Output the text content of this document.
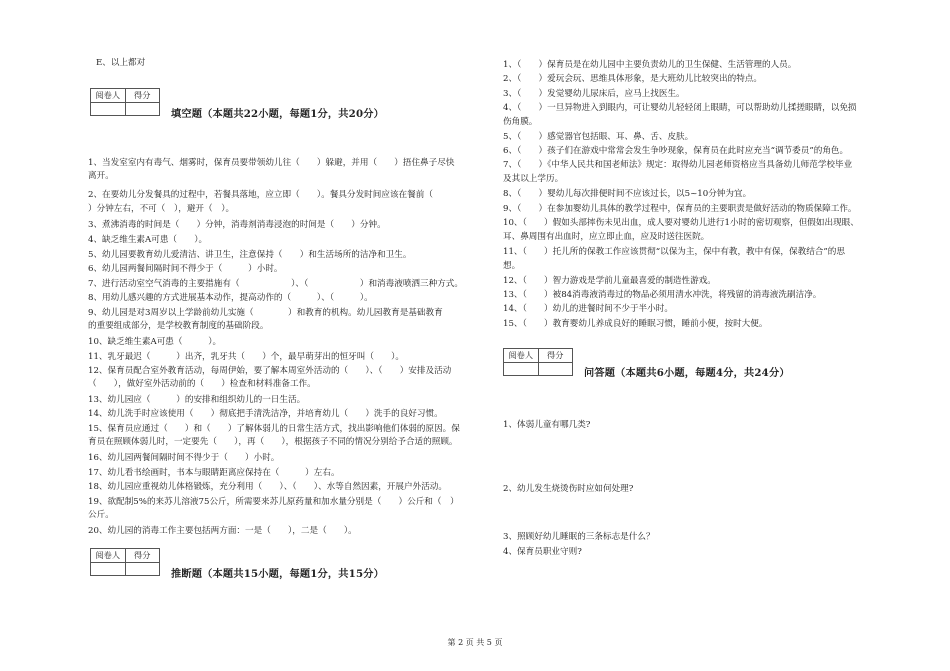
E、以上都对
阅卷人	得分
填空题（本题共22小题，每题1分，共20分）
1、当发室室内有毒气、烟雾时，保育员要带领幼儿往（　　）躲避，并用（　　）捂住鼻子尽快
离开。
2、在要幼儿分发餐具的过程中，若餐具落地，应立即（　　）。餐具分发时间应该在餐前（
）分钟左右，不可（　），避开（　）。
3、煮沸消毒的时间是（　　）分钟，消毒剂消毒浸泡的时间是（　　）分钟。
4、缺乏维生素A可患（　　）。
5、幼儿园要教育幼儿爱清洁、讲卫生，注意保持（　　）和生活场所的洁净和卫生。
6、幼儿园两餐间隔时间不得少于（　　　）小时。
7、进行活动室空气消毒的主要措施有（　　　　　　）、（　　　　　　）和消毒液喷洒三种方式。
8、用幼儿感兴趣的方式进展基本动作，提高动作的（　　　）、（　　　）。
9、幼儿园是对3周岁以上学龄前幼儿实施（　　　　）和教育的机构。幼儿园教育是基础教育
的重要组成部分，是学校教育制度的基础阶段。
10、缺乏维生素A可患（　　　）。
11、乳牙最迟（　　　）出齐，乳牙共（　　）个，最早萌芽出的恒牙叫（　　）。
12、保育员配合室外教育活动，每周伊始，要了解本周室外活动的（　　）、（　　）安排及活动
（　　），做好室外活动前的（　　）检查和材料准备工作。
13、幼儿园应（　　　）的安排和组织幼儿的一日生活。
14、幼儿洗手时应该使用（　　）彻底把手清洗洁净，并培育幼儿（　　）洗手的良好习惯。
15、保育员应通过（　　）和（　　）了解体弱儿的日常生活方式，找出影响他们体弱的原因。保
育员在照顾体弱儿时，一定要先（　　），再（　　），根据孩子不同的情况分别给予合适的照顾。
16、幼儿园两餐间隔时间不得少于（　　）小时。
17、幼儿看书绘画时，书本与眼睛距离应保持在（　　　）左右。
18、幼儿园应重视幼儿体格锻炼，充分利用（　　）、（　　）、水等自然因素，开展户外活动。
19、欲配制5%的来苏儿溶液75公斤，所需要来苏儿原药量和加水量分别是（　　）公斤和（　）
公斤。
20、幼儿园的消毒工作主要包括两方面：一是（　　），二是（　　）。
阅卷人	得分
推断题（本题共15小题，每题1分，共15分）
1、（　　）保育员是在幼儿园中主要负责幼儿的卫生保健、生活管理的人员。
2、（　　）爱玩会玩、思维具体形象，是大班幼儿比较突出的特点。
3、（　　）发觉婴幼儿尿床后，应马上找医生。
4、（　　）一旦异物进入到眼内，可让婴幼儿轻轻闭上眼睛，可以帮助幼儿揉搓眼睛，以免损
伤角膜。
5、（　　）感觉器官包括眼、耳、鼻、舌、皮肤。
6、（　　）孩子们在游戏中常常会发生争吵现象，保育员在此时应充当“调节委员”的角色。
7、（　　）《中华人民共和国老师法》规定：取得幼儿园老师资格应当具备幼儿师范学校毕业
及其以上学历。
8、（　　）婴幼儿每次排便时间不应该过长，以5~10分钟为宜。
9、（　　）在参加婴幼儿具体的教学过程中，保育员的主要职责是做好活动的物质保障工作。
10、（　　）假如头部摔伤未见出血，成人要对婴幼儿进行1小时的密切观察，但假如出现眼、
耳、鼻周围有出血时，应立即止血，应及时送往医院。
11、（　　）托儿所的保教工作应该贯彻“以保为主，保中有教，教中有保，保教结合”的思
想。
12、（　　）智力游戏是学前儿童最喜爱的制造性游戏。
13、（　　）被84消毒液消毒过的物品必须用清水冲洗，将残留的消毒液洗刷洁净。
14、（　　）幼儿的进餐时间不少于半小时。
15、（　　）教育婴幼儿养成良好的睡眠习惯，睡前小便，按时大便。
阅卷人	得分
问答题（本题共6小题，每题4分，共24分）
1、体弱儿童有哪几类?
2、幼儿发生烧烫伤时应如何处理?
3、照顾好幼儿睡眠的三条标志是什么？
4、保育员职业守则?
第 2 页 共 5 页
